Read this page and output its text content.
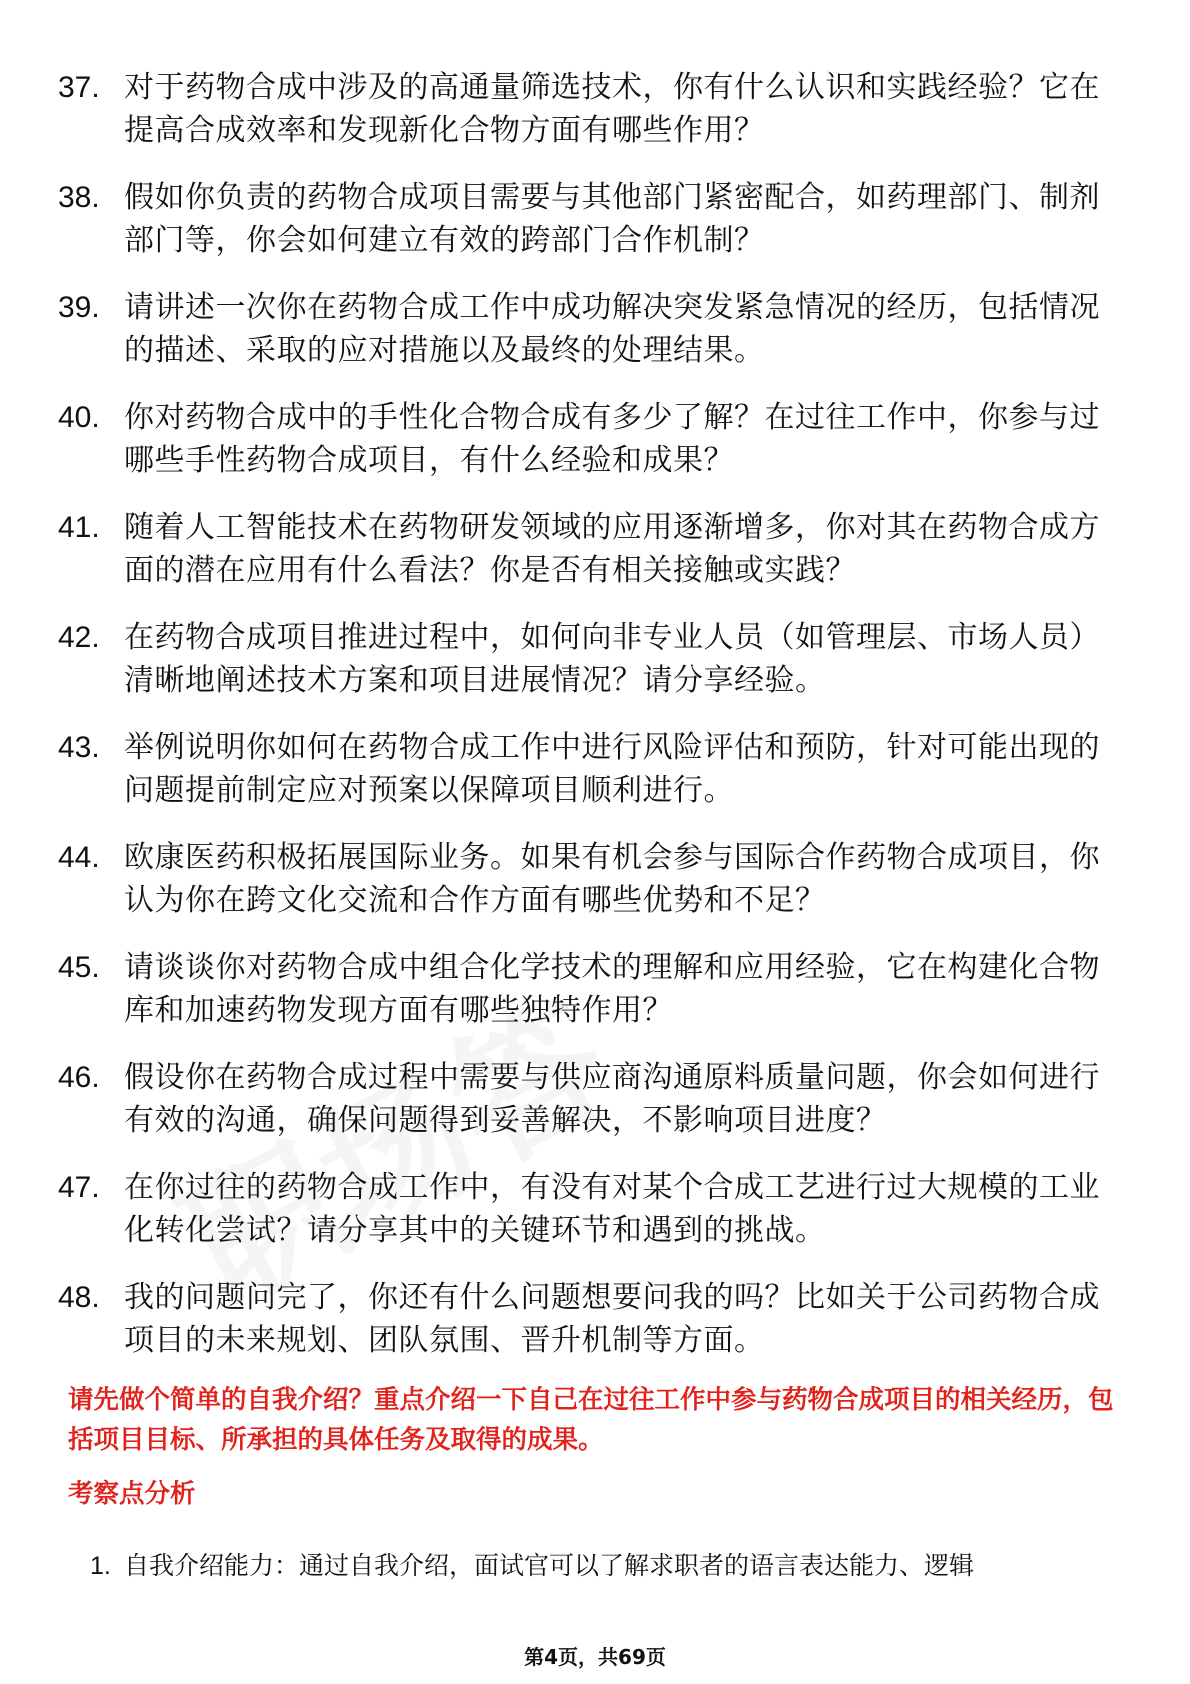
37. 对于药物合成中涉及的高通量筛选技术，你有什么认识和实践经验？它在提高合成效率和发现新化合物方面有哪些作用？

38. 假如你负责的药物合成项目需要与其他部门紧密配合，如药理部门、制剂部门等，你会如何建立有效的跨部门合作机制？

39. 请讲述一次你在药物合成工作中成功解决突发紧急情况的经历，包括情况的描述、采取的应对措施以及最终的处理结果。

40. 你对药物合成中的手性化合物合成有多少了解？在过往工作中，你参与过哪些手性药物合成项目，有什么经验和成果？

41. 随着人工智能技术在药物研发领域的应用逐渐增多，你对其在药物合成方面的潜在应用有什么看法？你是否有相关接触或实践？

42. 在药物合成项目推进过程中，如何向非专业人员（如管理层、市场人员）清晰地阐述技术方案和项目进展情况？请分享经验。

43. 举例说明你如何在药物合成工作中进行风险评估和预防，针对可能出现的问题提前制定应对预案以保障项目顺利进行。

44. 欧康医药积极拓展国际业务。如果有机会参与国际合作药物合成项目，你认为你在跨文化交流和合作方面有哪些优势和不足？

45. 请谈谈你对药物合成中组合化学技术的理解和应用经验，它在构建化合物库和加速药物发现方面有哪些独特作用？

46. 假设你在药物合成过程中需要与供应商沟通原料质量问题，你会如何进行有效的沟通，确保问题得到妥善解决，不影响项目进度？

47. 在你过往的药物合成工作中，有没有对某个合成工艺进行过大规模的工业化转化尝试？请分享其中的关键环节和遇到的挑战。

48. 我的问题问完了，你还有什么问题想要问我的吗？比如关于公司药物合成项目的未来规划、团队氛围、晋升机制等方面。

请先做个简单的自我介绍？重点介绍一下自己在过往工作中参与药物合成项目的相关经历，包括项目目标、所承担的具体任务及取得的成果。

考察点分析
1. 自我介绍能力：通过自我介绍，面试官可以了解求职者的语言表达能力、逻辑

第4页，共69页
